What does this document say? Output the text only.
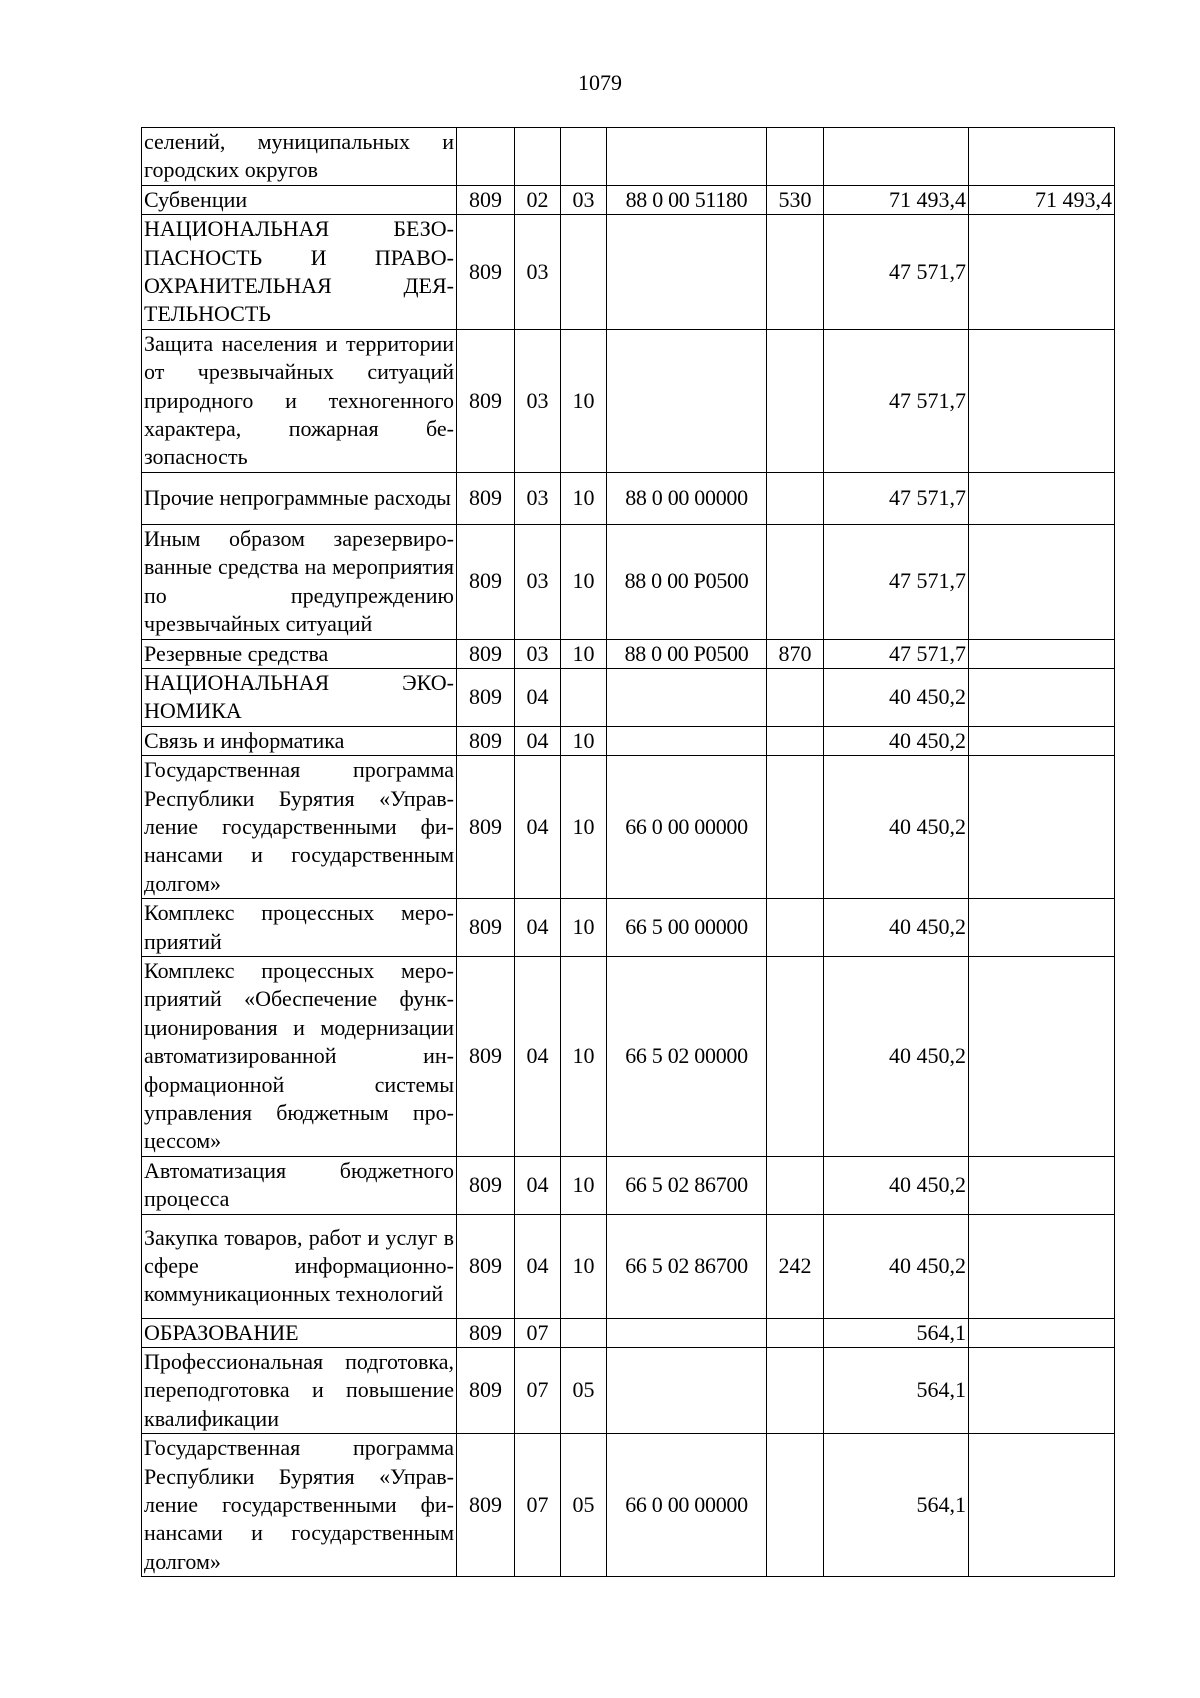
1079
селений, муниципальных и городских округов							
Субвенции	809	02	03	88 0 00 51180	530	71 493,4	71 493,4
НАЦИОНАЛЬНАЯ БЕЗОПАСНОСТЬ И ПРАВООХРАНИТЕЛЬНАЯ ДЕЯТЕЛЬНОСТЬ	809	03				47 571,7	
Защита населения и территории от чрезвычайных ситуаций природного и техногенного характера, пожарная безопасность	809	03	10			47 571,7	
Прочие непрограммные расходы	809	03	10	88 0 00 00000		47 571,7	
Иным образом зарезервированные средства на мероприятия по предупреждению чрезвычайных ситуаций	809	03	10	88 0 00 Р0500		47 571,7	
Резервные средства	809	03	10	88 0 00 Р0500	870	47 571,7	
НАЦИОНАЛЬНАЯ ЭКОНОМИКА	809	04				40 450,2	
Связь и информатика	809	04	10			40 450,2	
Государственная программа Республики Бурятия «Управление государственными финансами и государственным долгом»	809	04	10	66 0 00 00000		40 450,2	
Комплекс процессных мероприятий	809	04	10	66 5 00 00000		40 450,2	
Комплекс процессных мероприятий «Обеспечение функционирования и модернизации автоматизированной информационной системы управления бюджетным процессом»	809	04	10	66 5 02 00000		40 450,2	
Автоматизация бюджетного процесса	809	04	10	66 5 02 86700		40 450,2	
Закупка товаров, работ и услуг в сфере информационно-коммуникационных технологий	809	04	10	66 5 02 86700	242	40 450,2	
ОБРАЗОВАНИЕ	809	07				564,1	
Профессиональная подготовка, переподготовка и повышение квалификации	809	07	05			564,1	
Государственная программа Республики Бурятия «Управление государственными финансами и государственным долгом»	809	07	05	66 0 00 00000		564,1	
